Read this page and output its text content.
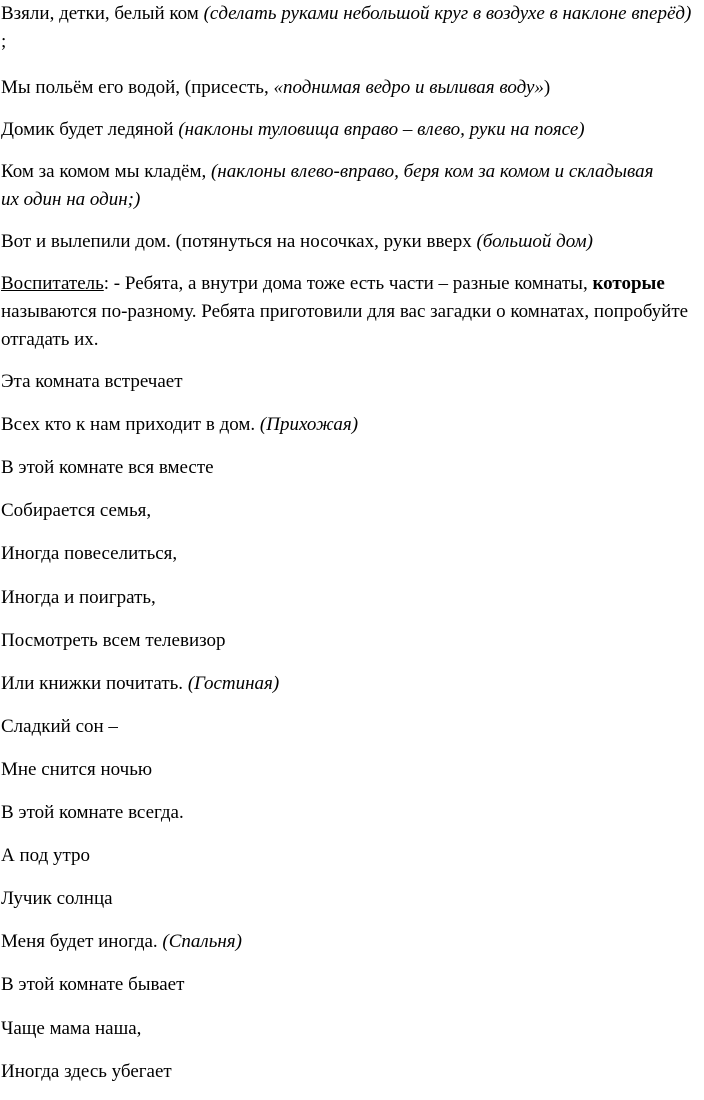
Взяли, детки, белый ком (сделать руками небольшой круг в воздухе в наклоне вперёд) ;

Мы польём его водой, (присесть, «поднимая ведро и выливая воду»)

Домик будет ледяной (наклоны туловища вправо – влево, руки на поясе)

Ком за комом мы кладём, (наклоны влево-вправо, беря ком за комом и складывая их один на один;)

Вот и вылепили дом. (потянуться на носочках, руки вверх (большой дом)

Воспитатель: - Ребята, а внутри дома тоже есть части – разные комнаты, которые называются по-разному. Ребята приготовили для вас загадки о комнатах, попробуйте отгадать их.

Эта комната встречает

Всех кто к нам приходит в дом. (Прихожая)

В этой комнате вся вместе

Собирается семья,

Иногда повеселиться,

Иногда и поиграть,

Посмотреть всем телевизор

Или книжки почитать. (Гостиная)

Сладкий сон –

Мне снится ночью

В этой комнате всегда.

А под утро

Лучик солнца

Меня будет иногда. (Спальня)

В этой комнате бывает

Чаще мама наша,

Иногда здесь убегает
